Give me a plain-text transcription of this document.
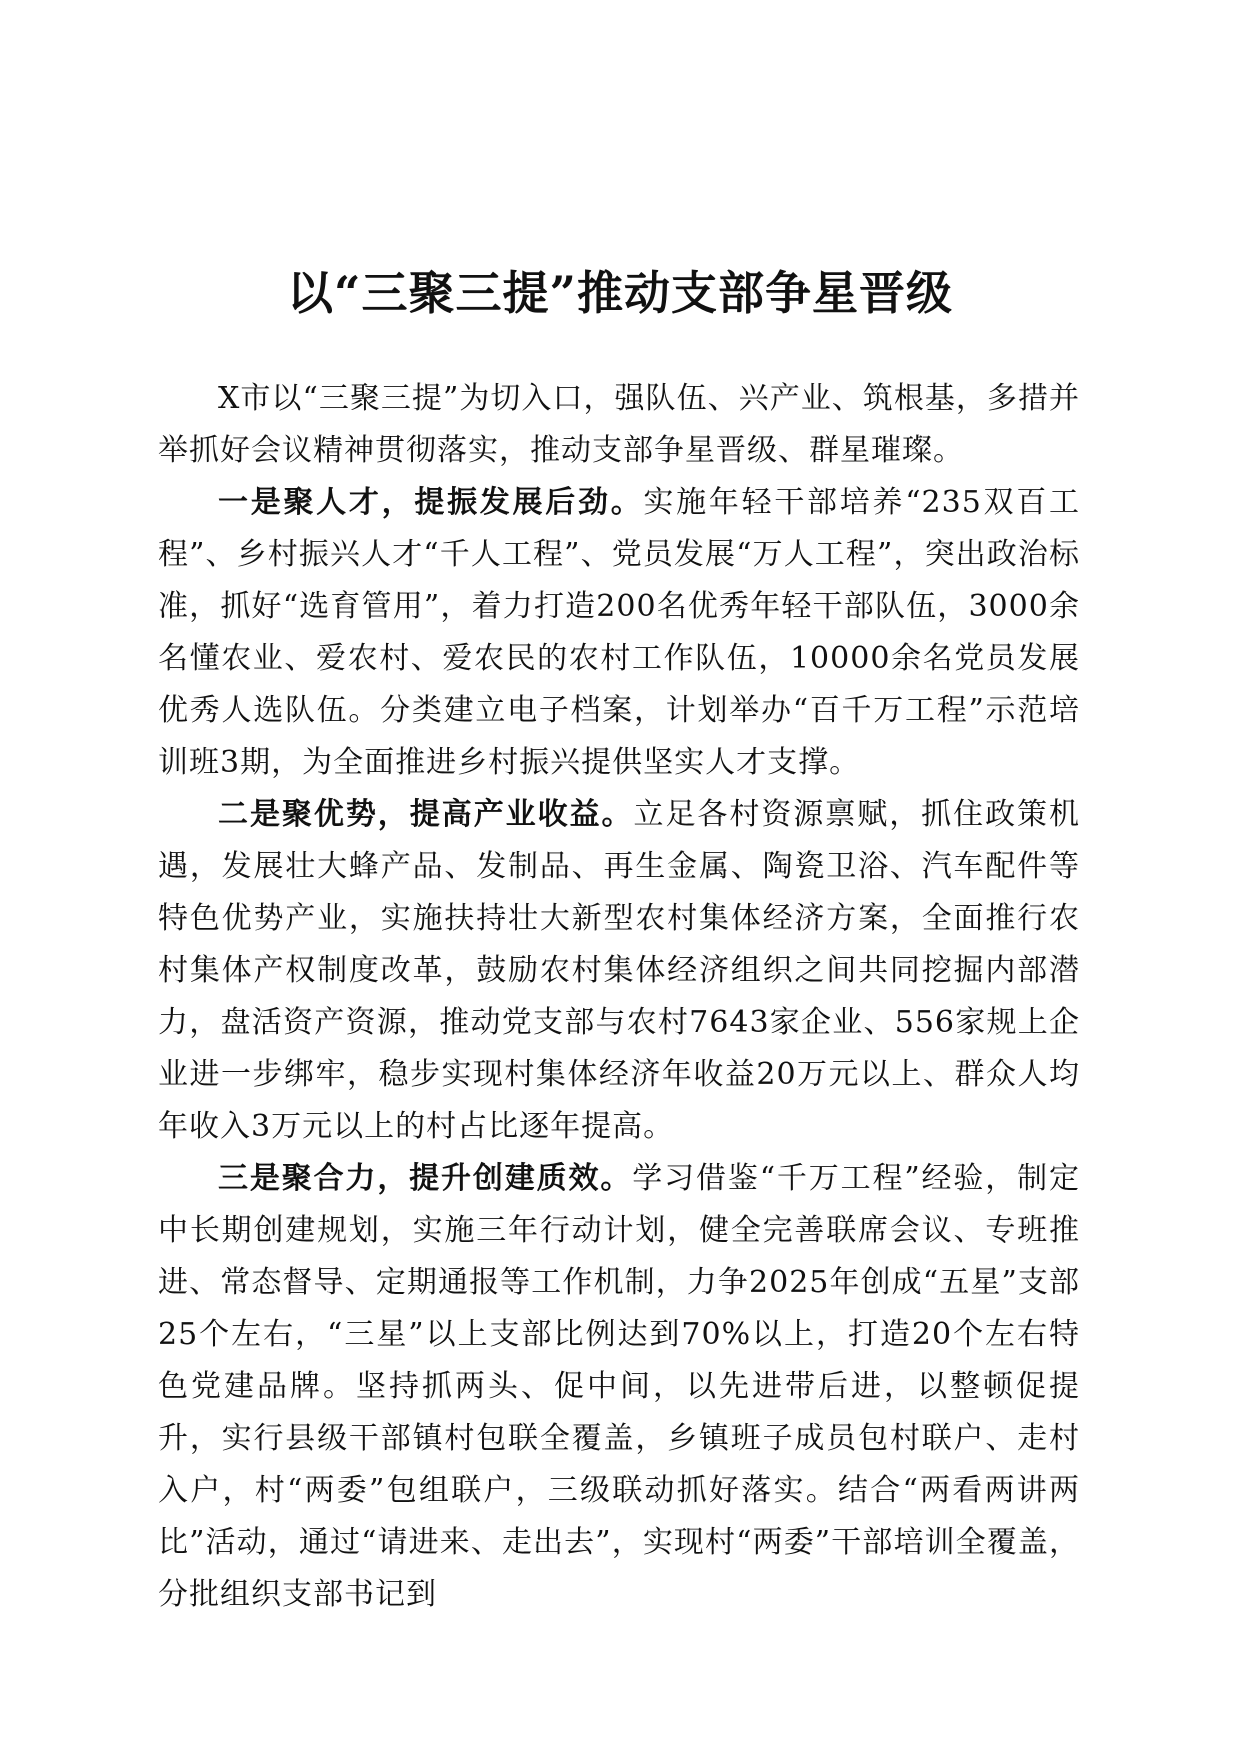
以“三聚三提”推动支部争星晋级

X市以“三聚三提”为切入口，强队伍、兴产业、筑根基，多措并举抓好会议精神贯彻落实，推动支部争星晋级、群星璀璨。

一是聚人才，提振发展后劲。实施年轻干部培养“235双百工程”、乡村振兴人才“千人工程”、党员发展“万人工程”，突出政治标准，抓好“选育管用”，着力打造200名优秀年轻干部队伍，3000余名懂农业、爱农村、爱农民的农村工作队伍，10000余名党员发展优秀人选队伍。分类建立电子档案，计划举办“百千万工程”示范培训班3期，为全面推进乡村振兴提供坚实人才支撑。

二是聚优势，提高产业收益。立足各村资源禀赋，抓住政策机遇，发展壮大蜂产品、发制品、再生金属、陶瓷卫浴、汽车配件等特色优势产业，实施扶持壮大新型农村集体经济方案，全面推行农村集体产权制度改革，鼓励农村集体经济组织之间共同挖掘内部潜力，盘活资产资源，推动党支部与农村7643家企业、556家规上企业进一步绑牢，稳步实现村集体经济年收益20万元以上、群众人均年收入3万元以上的村占比逐年提高。

三是聚合力，提升创建质效。学习借鉴“千万工程”经验，制定中长期创建规划，实施三年行动计划，健全完善联席会议、专班推进、常态督导、定期通报等工作机制，力争2025年创成“五星”支部25个左右，“三星”以上支部比例达到70%以上，打造20个左右特色党建品牌。坚持抓两头、促中间，以先进带后进，以整顿促提升，实行县级干部镇村包联全覆盖，乡镇班子成员包村联户、走村入户，村“两委”包组联户，三级联动抓好落实。结合“两看两讲两比”活动，通过“请进来、走出去”，实现村“两委”干部培训全覆盖，分批组织支部书记到
